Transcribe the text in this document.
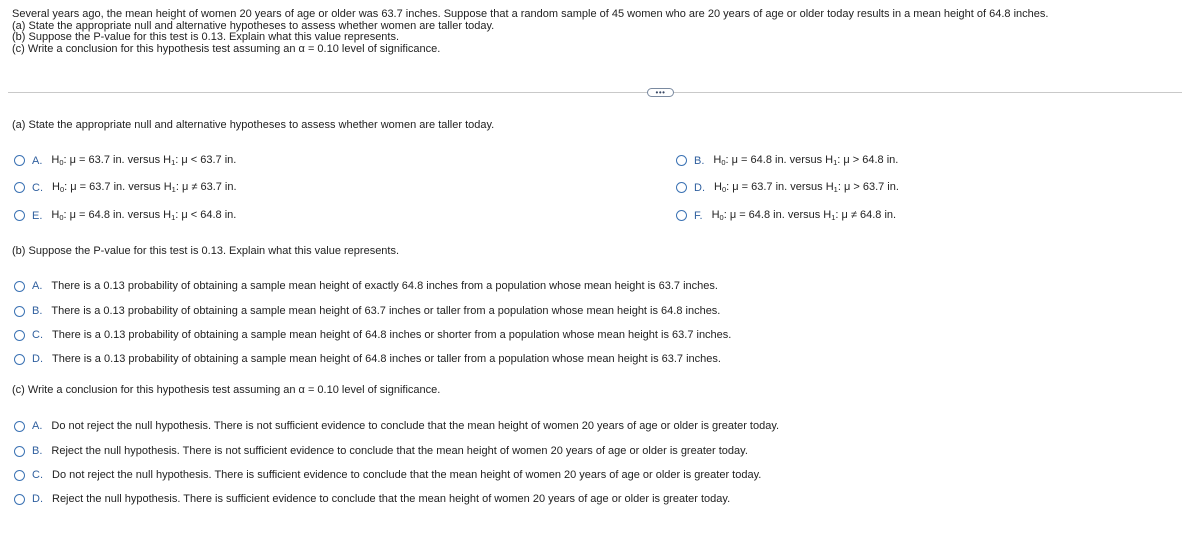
Several years ago, the mean height of women 20 years of age or older was 63.7 inches. Suppose that a random sample of 45 women who are 20 years of age or older today results in a mean height of 64.8 inches.
(a) State the appropriate null and alternative hypotheses to assess whether women are taller today.
(b) Suppose the P-value for this test is 0.13. Explain what this value represents.
(c) Write a conclusion for this hypothesis test assuming an α = 0.10 level of significance.
•••
(a) State the appropriate null and alternative hypotheses to assess whether women are taller today.
A. $H_0$: μ = 63.7 in. versus $H_1$: μ < 63.7 in.	B. $H_0$: μ = 64.8 in. versus $H_1$: μ > 64.8 in.
C. $H_0$: μ = 63.7 in. versus $H_1$: μ ≠ 63.7 in.	D. $H_0$: μ = 63.7 in. versus $H_1$: μ > 63.7 in.
E. $H_0$: μ = 64.8 in. versus $H_1$: μ < 64.8 in.	F. $H_0$: μ = 64.8 in. versus $H_1$: μ ≠ 64.8 in.
(b) Suppose the P-value for this test is 0.13. Explain what this value represents.
A. There is a 0.13 probability of obtaining a sample mean height of exactly 64.8 inches from a population whose mean height is 63.7 inches.
B. There is a 0.13 probability of obtaining a sample mean height of 63.7 inches or taller from a population whose mean height is 64.8 inches.
C. There is a 0.13 probability of obtaining a sample mean height of 64.8 inches or shorter from a population whose mean height is 63.7 inches.
D. There is a 0.13 probability of obtaining a sample mean height of 64.8 inches or taller from a population whose mean height is 63.7 inches.
(c) Write a conclusion for this hypothesis test assuming an α = 0.10 level of significance.
A. Do not reject the null hypothesis. There is not sufficient evidence to conclude that the mean height of women 20 years of age or older is greater today.
B. Reject the null hypothesis. There is not sufficient evidence to conclude that the mean height of women 20 years of age or older is greater today.
C. Do not reject the null hypothesis. There is sufficient evidence to conclude that the mean height of women 20 years of age or older is greater today.
D. Reject the null hypothesis. There is sufficient evidence to conclude that the mean height of women 20 years of age or older is greater today.
